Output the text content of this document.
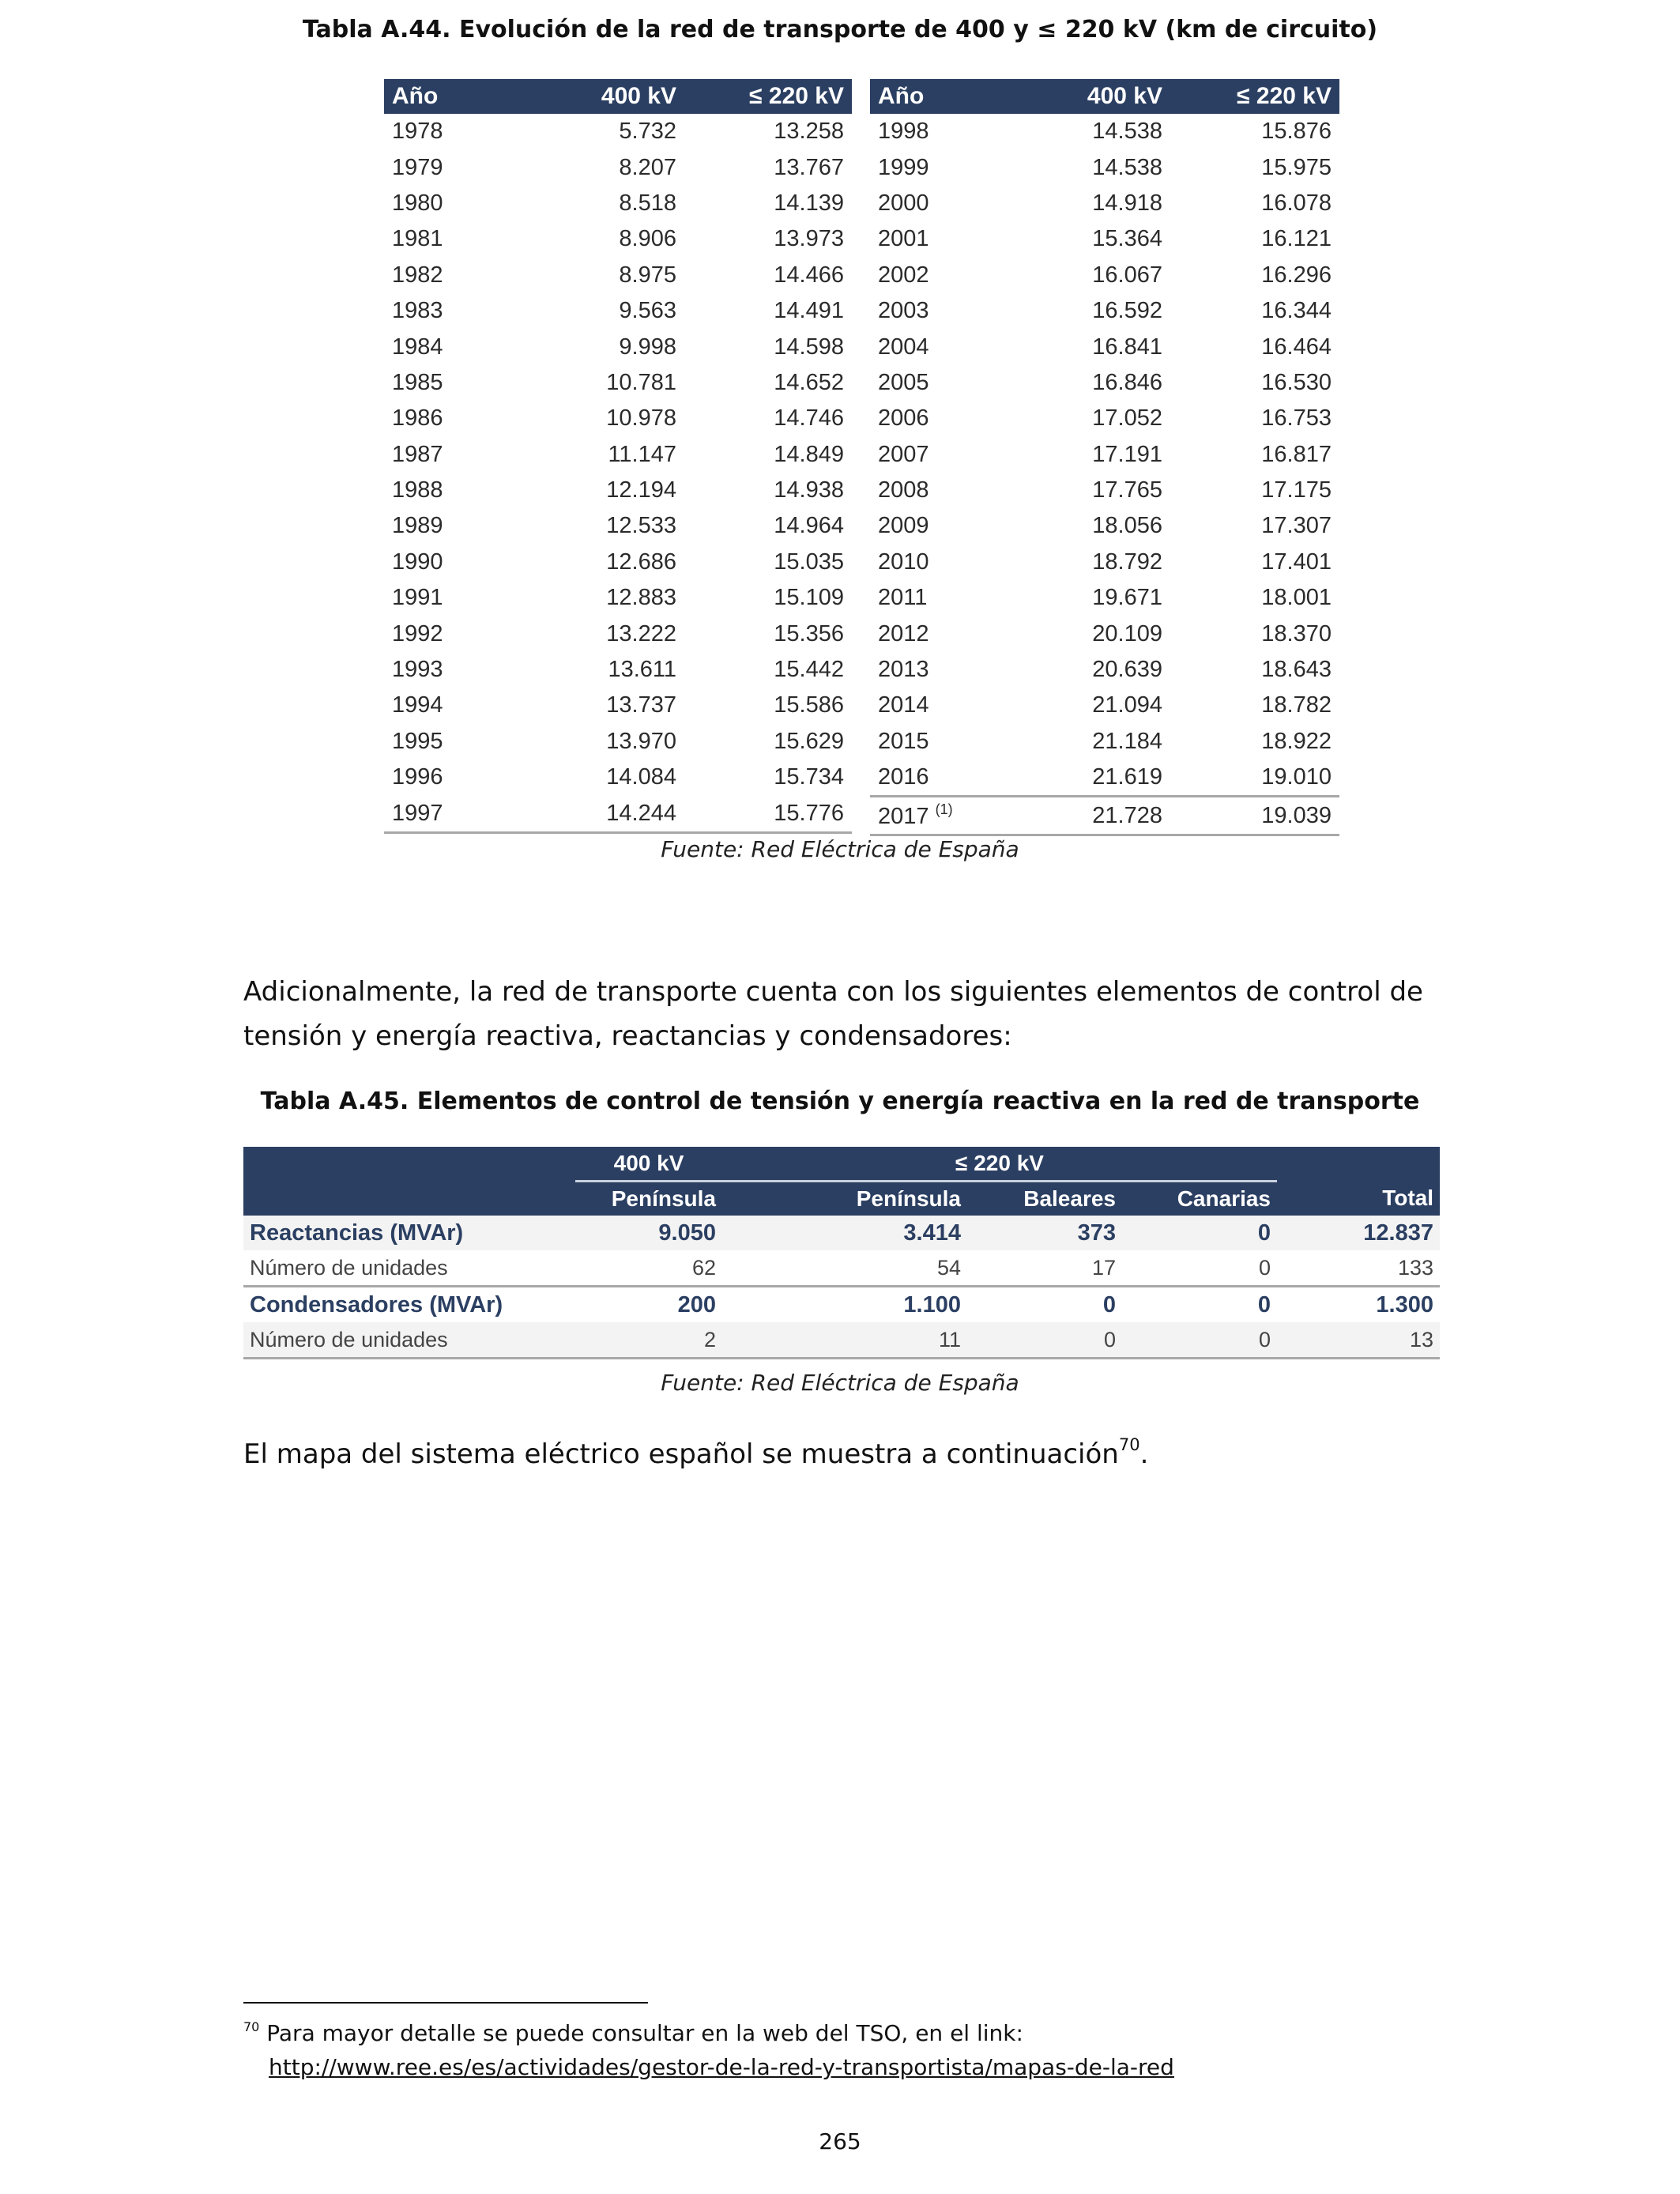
Tabla A.44. Evolución de la red de transporte de 400 y ≤ 220 kV (km de circuito)
Año	400 kV	≤ 220 kV
1978	5.732	13.258
1979	8.207	13.767
1980	8.518	14.139
1981	8.906	13.973
1982	8.975	14.466
1983	9.563	14.491
1984	9.998	14.598
1985	10.781	14.652
1986	10.978	14.746
1987	11.147	14.849
1988	12.194	14.938
1989	12.533	14.964
1990	12.686	15.035
1991	12.883	15.109
1992	13.222	15.356
1993	13.611	15.442
1994	13.737	15.586
1995	13.970	15.629
1996	14.084	15.734
1997	14.244	15.776
Año	400 kV	≤ 220 kV
1998	14.538	15.876
1999	14.538	15.975
2000	14.918	16.078
2001	15.364	16.121
2002	16.067	16.296
2003	16.592	16.344
2004	16.841	16.464
2005	16.846	16.530
2006	17.052	16.753
2007	17.191	16.817
2008	17.765	17.175
2009	18.056	17.307
2010	18.792	17.401
2011	19.671	18.001
2012	20.109	18.370
2013	20.639	18.643
2014	21.094	18.782
2015	21.184	18.922
2016	21.619	19.010
2017 $^{(1)}$	21.728	19.039
Fuente: Red Eléctrica de España
Adicionalmente, la red de transporte cuenta con los siguientes elementos de control de tensión y energía reactiva, reactancias y condensadores:
Tabla A.45. Elementos de control de tensión y energía reactiva en la red de transporte
	400 kV	≤ 220 kV			
	Península	Península	Baleares	Canarias	Total
Reactancias (MVAr)	9.050	3.414	373	0	12.837
Número de unidades	62	54	17	0	133
Condensadores (MVAr)	200	1.100	0	0	1.300
Número de unidades	2	11	0	0	13
Fuente: Red Eléctrica de España
El mapa del sistema eléctrico español se muestra a continuación$^{70}$.
$^{70}$ Para mayor detalle se puede consultar en la web del TSO, en el link:
http://www.ree.es/es/actividades/gestor-de-la-red-y-transportista/mapas-de-la-red
265
